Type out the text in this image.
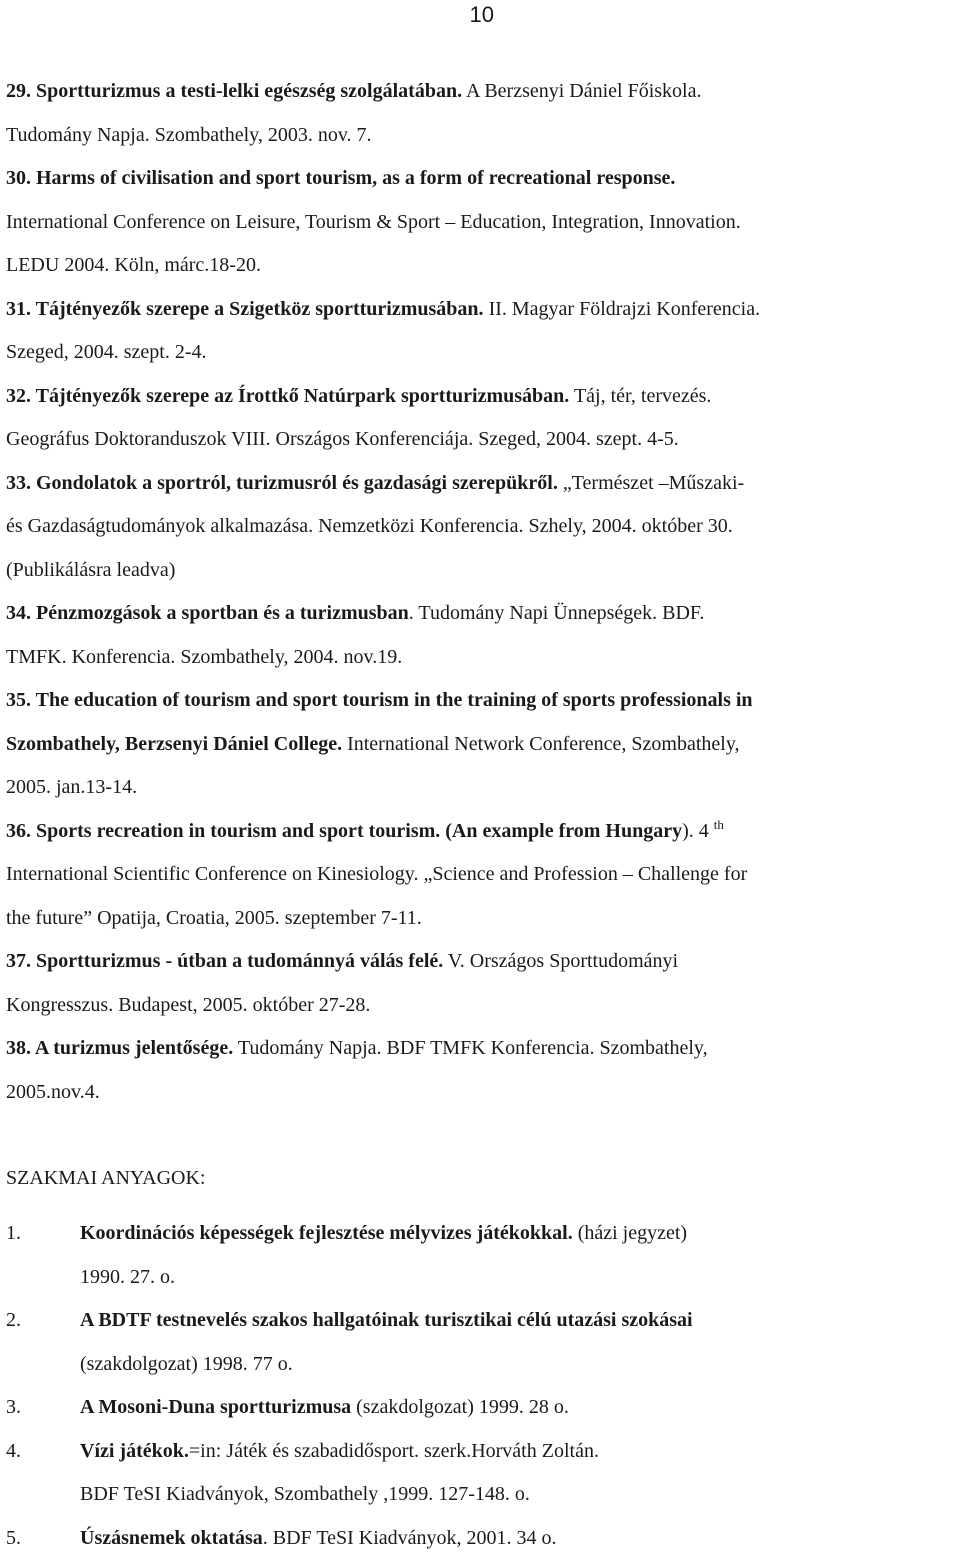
10
29. Sportturizmus a testi-lelki egészség szolgálatában. A Berzsenyi Dániel Főiskola.
Tudomány Napja. Szombathely, 2003. nov. 7.
30. Harms of civilisation and sport tourism, as a form of recreational response.
International Conference on Leisure, Tourism & Sport – Education, Integration, Innovation.
LEDU 2004. Köln, márc.18-20.
31. Tájtényezők szerepe a Szigetköz sportturizmusában. II. Magyar Földrajzi Konferencia.
Szeged, 2004. szept. 2-4.
32. Tájtényezők szerepe az Írottkő Natúrpark sportturizmusában. Táj, tér, tervezés.
Geográfus Doktoranduszok VIII. Országos Konferenciája. Szeged, 2004. szept. 4-5.
33. Gondolatok a sportról, turizmusról és gazdasági szerepükről. „Természet –Műszaki-
és Gazdaságtudományok alkalmazása. Nemzetközi Konferencia. Szhely, 2004. október 30.
(Publikálásra leadva)
34. Pénzmozgások a sportban és a turizmusban. Tudomány Napi Ünnepségek. BDF.
TMFK. Konferencia. Szombathely, 2004. nov.19.
35. The education of tourism and sport tourism in the training of sports professionals in
Szombathely, Berzsenyi Dániel College. International Network Conference, Szombathely,
2005. jan.13-14.
36. Sports recreation in tourism and sport tourism. (An example from Hungary). 4 $^{th}$
International Scientific Conference on Kinesiology. „Science and Profession – Challenge for
the future” Opatija, Croatia, 2005. szeptember 7-11.
37. Sportturizmus - útban a tudománnyá válás felé. V. Országos Sporttudományi
Kongresszus. Budapest, 2005. október 27-28.
38. A turizmus jelentősége. Tudomány Napja. BDF TMFK Konferencia. Szombathely,
2005.nov.4.
SZAKMAI ANYAGOK:
1.	Koordinációs képességek fejlesztése mélyvizes játékokkal. (házi jegyzet)
1990. 27. o.
2.	A BDTF testnevelés szakos hallgatóinak turisztikai célú utazási szokásai
(szakdolgozat) 1998. 77 o.
3.	A Mosoni-Duna sportturizmusa (szakdolgozat) 1999. 28 o.
4.	Vízi játékok.=in: Játék és szabadidősport. szerk.Horváth Zoltán.
BDF TeSI Kiadványok, Szombathely ,1999. 127-148. o.
5.	Úszásnemek oktatása. BDF TeSI Kiadványok, 2001. 34 o.
